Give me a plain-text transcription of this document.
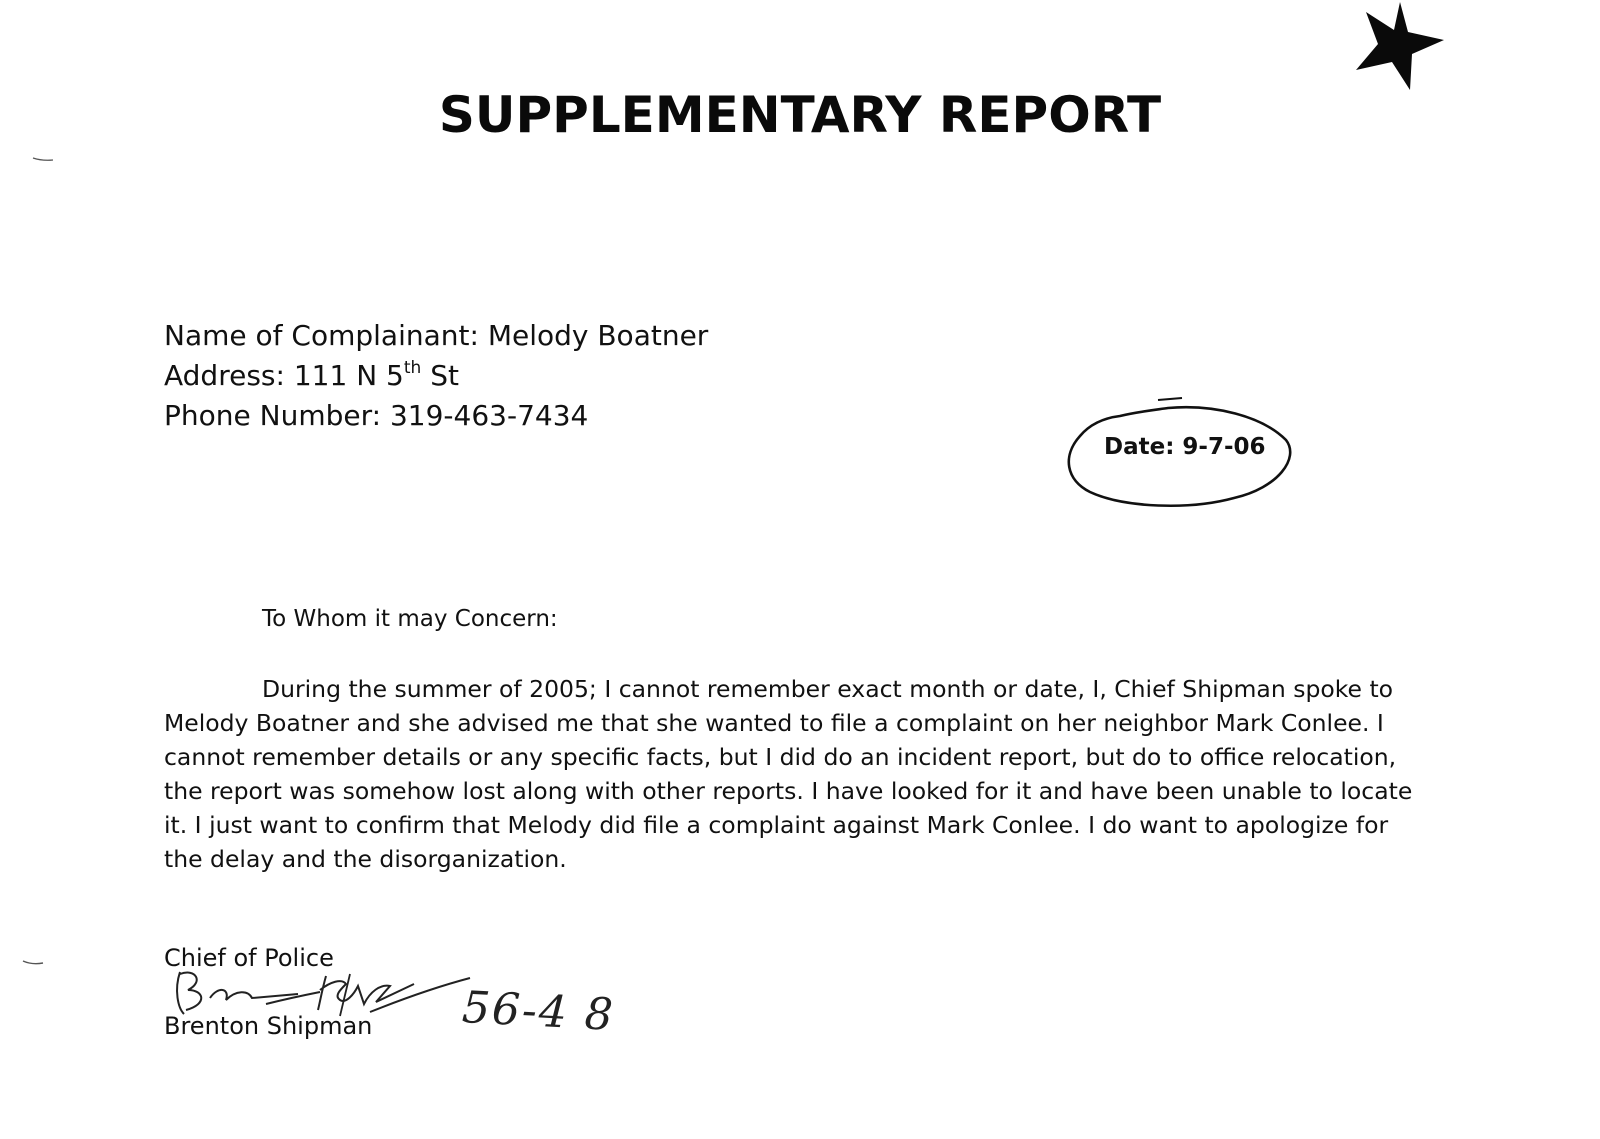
SUPPLEMENTARY REPORT
Name of Complainant: Melody Boatner
Address: 111 N 5th St
Phone Number: 319-463-7434
Date: 9-7-06

To Whom it may Concern:

During the summer of 2005; I cannot remember exact month or date, I, Chief Shipman spoke to Melody Boatner and she advised me that she wanted to file a complaint on her neighbor Mark Conlee. I cannot remember details or any specific facts, but I did do an incident report, but do to office relocation, the report was somehow lost along with other reports. I have looked for it and have been unable to locate it. I just want to confirm that Melody did file a complaint against Mark Conlee. I do want to apologize for the delay and the disorganization.

Chief of Police

Brenton Shipman 56-4 8
